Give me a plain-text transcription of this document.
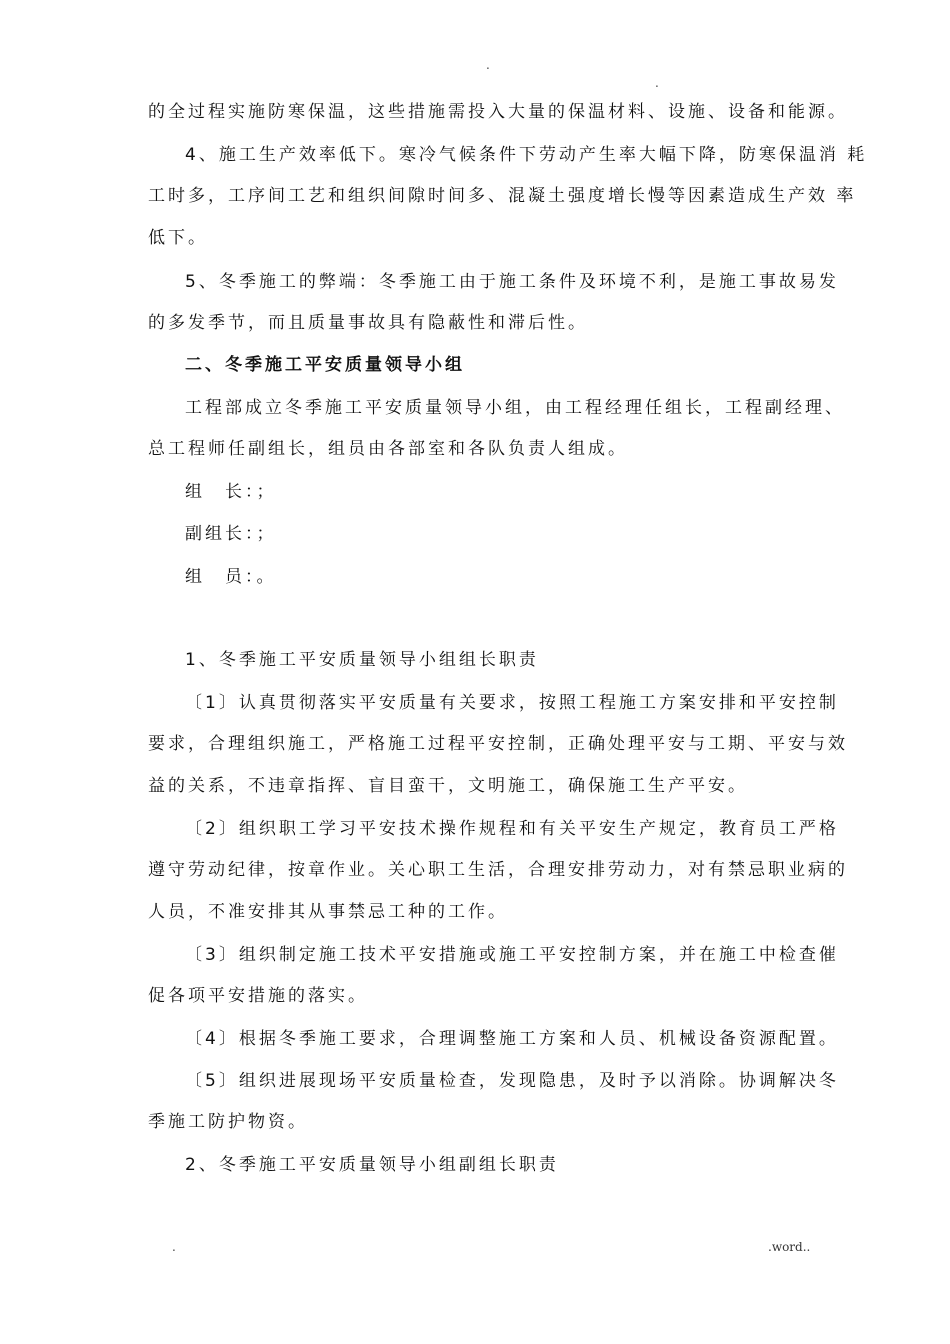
.
.
的全过程实施防寒保温，这些措施需投入大量的保温材料、设施、设备和能源。
4、施工生产效率低下。寒冷气候条件下劳动产生率大幅下降，防寒保温消 耗
工时多，工序间工艺和组织间隙时间多、混凝土强度增长慢等因素造成生产效 率
低下。
5、冬季施工的弊端：冬季施工由于施工条件及环境不利，是施工事故易发
的多发季节，而且质量事故具有隐蔽性和滞后性。
二、冬季施工平安质量领导小组
工程部成立冬季施工平安质量领导小组，由工程经理任组长，工程副经理、
总工程师任副组长，组员由各部室和各队负责人组成。
组　长：；
副组长：；
组　员：。
1、冬季施工平安质量领导小组组长职责
〔1〕认真贯彻落实平安质量有关要求，按照工程施工方案安排和平安控制
要求，合理组织施工，严格施工过程平安控制，正确处理平安与工期、平安与效
益的关系，不违章指挥、盲目蛮干，文明施工，确保施工生产平安。
〔2〕组织职工学习平安技术操作规程和有关平安生产规定，教育员工严格
遵守劳动纪律，按章作业。关心职工生活，合理安排劳动力，对有禁忌职业病的
人员，不准安排其从事禁忌工种的工作。
〔3〕组织制定施工技术平安措施或施工平安控制方案，并在施工中检查催
促各项平安措施的落实。
〔4〕根据冬季施工要求，合理调整施工方案和人员、机械设备资源配置。
〔5〕组织进展现场平安质量检查，发现隐患，及时予以消除。协调解决冬
季施工防护物资。
2、冬季施工平安质量领导小组副组长职责
.	.word..
